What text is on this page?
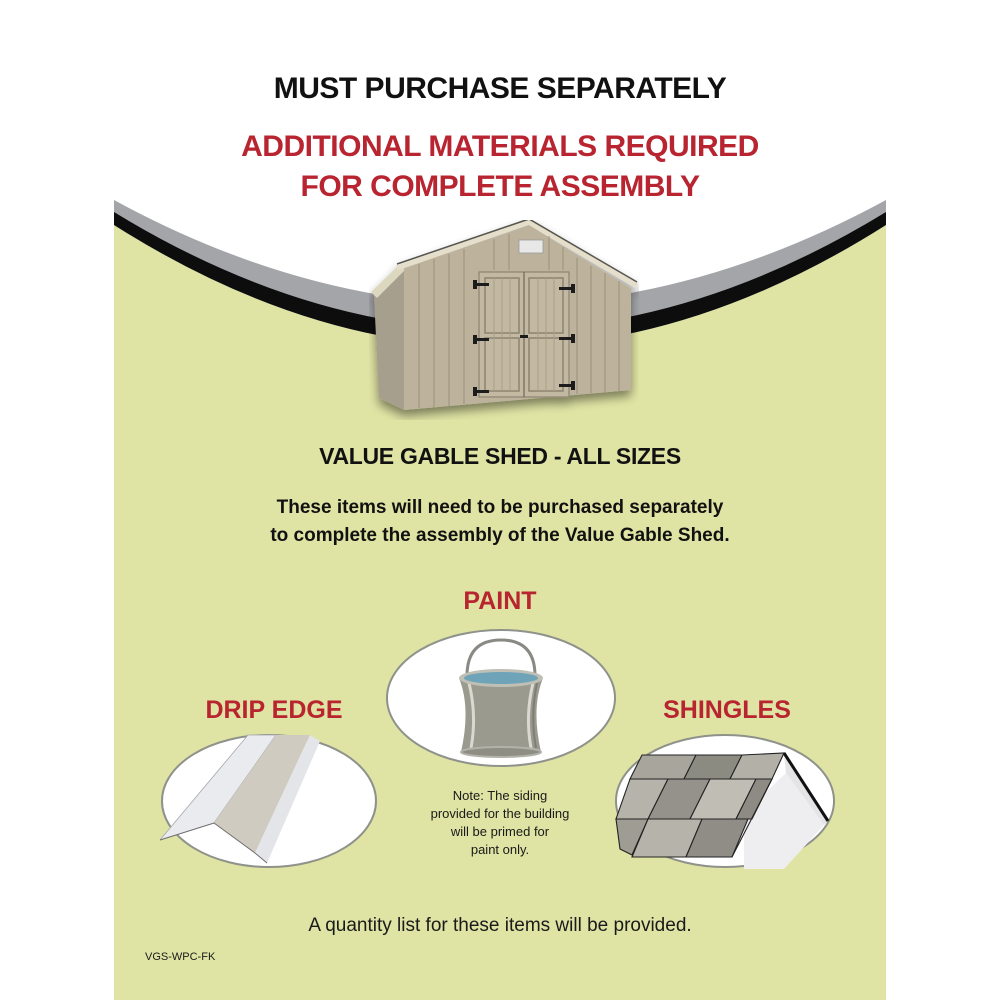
MUST PURCHASE SEPARATELY
ADDITIONAL MATERIALS REQUIRED
FOR COMPLETE ASSEMBLY
VALUE GABLE SHED - ALL SIZES
These items will need to be purchased separately
to complete the assembly of the Value Gable Shed.
PAINT
DRIP EDGE	SHINGLES
Note: The siding
provided for the building
will be primed for
paint only.
A quantity list for these items will be provided.
VGS-WPC-FK
